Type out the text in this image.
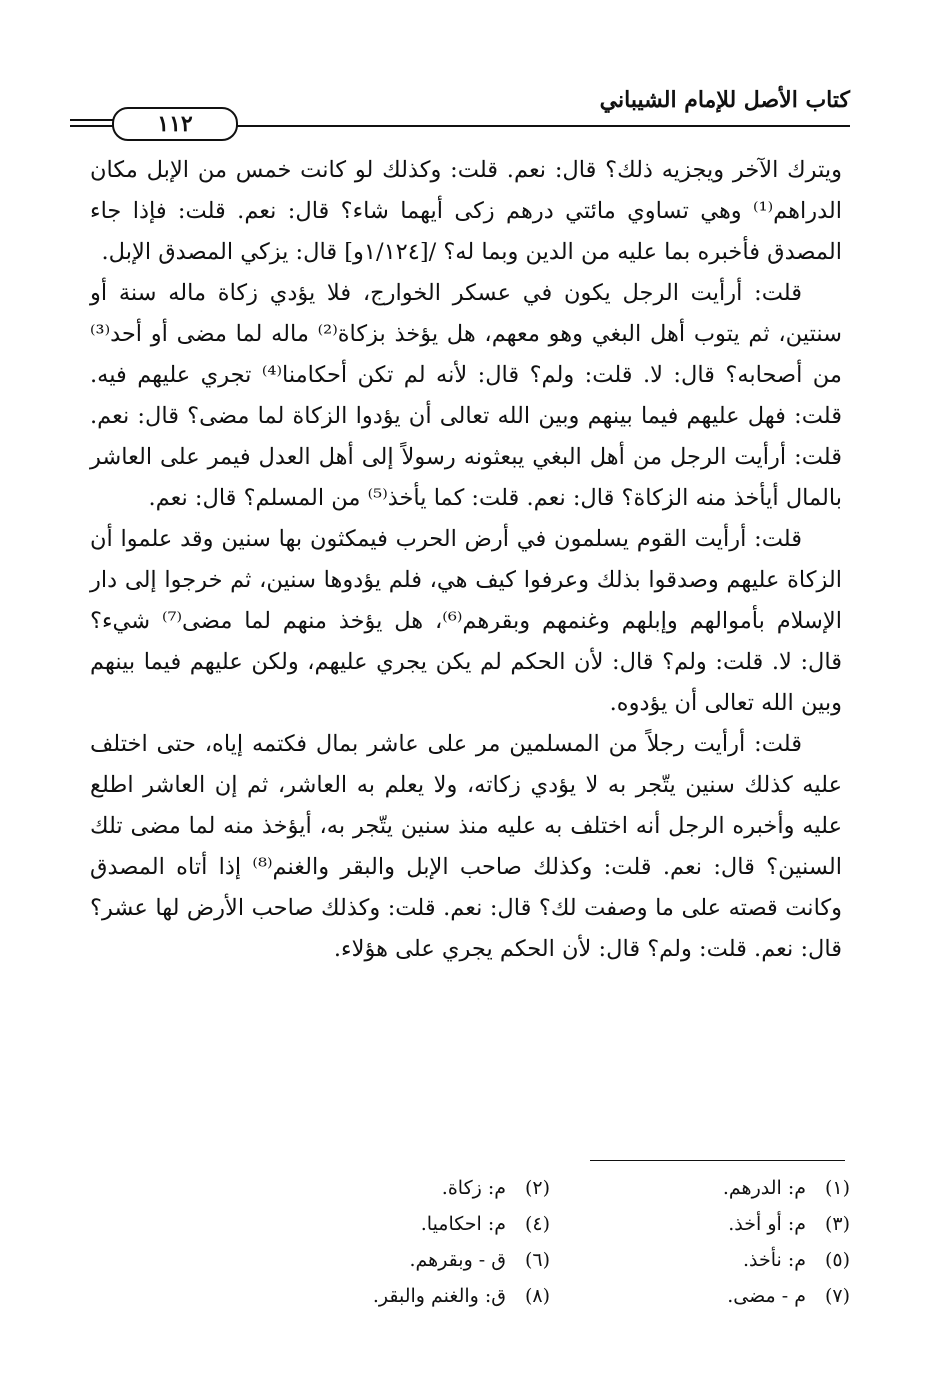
١١٢
كتاب الأصل للإمام الشيباني

ويترك الآخر ويجزيه ذلك؟ قال: نعم. قلت: وكذلك لو كانت خمس من الإبل مكان الدراهم⁽¹⁾ وهي تساوي مائتي درهم زكى أيهما شاء؟ قال: نعم. قلت: فإذا جاء المصدق فأخبره بما عليه من الدين وبما له؟ /[١/١٢٤و] قال: يزكي المصدق الإبل.

قلت: أرأيت الرجل يكون في عسكر الخوارج، فلا يؤدي زكاة ماله سنة أو سنتين، ثم يتوب أهل البغي وهو معهم، هل يؤخذ بزكاة⁽²⁾ ماله لما مضى أو أحد⁽³⁾ من أصحابه؟ قال: لا. قلت: ولم؟ قال: لأنه لم تكن أحكامنا⁽⁴⁾ تجري عليهم فيه. قلت: فهل عليهم فيما بينهم وبين الله تعالى أن يؤدوا الزكاة لما مضى؟ قال: نعم. قلت: أرأيت الرجل من أهل البغي يبعثونه رسولاً إلى أهل العدل فيمر على العاشر بالمال أيأخذ منه الزكاة؟ قال: نعم. قلت: كما يأخذ⁽⁵⁾ من المسلم؟ قال: نعم.

قلت: أرأيت القوم يسلمون في أرض الحرب فيمكثون بها سنين وقد علموا أن الزكاة عليهم وصدقوا بذلك وعرفوا كيف هي، فلم يؤدوها سنين، ثم خرجوا إلى دار الإسلام بأموالهم وإبلهم وغنمهم وبقرهم⁽⁶⁾، هل يؤخذ منهم لما مضى⁽⁷⁾ شيء؟ قال: لا. قلت: ولم؟ قال: لأن الحكم لم يكن يجري عليهم، ولكن عليهم فيما بينهم وبين الله تعالى أن يؤدوه.

قلت: أرأيت رجلاً من المسلمين مر على عاشر بمال فكتمه إياه، حتى اختلف عليه كذلك سنين يتّجر به لا يؤدي زكاته، ولا يعلم به العاشر، ثم إن العاشر اطلع عليه وأخبره الرجل أنه اختلف به عليه منذ سنين يتّجر به، أيؤخذ منه لما مضى تلك السنين؟ قال: نعم. قلت: وكذلك صاحب الإبل والبقر والغنم⁽⁸⁾ إذا أتاه المصدق وكانت قصته على ما وصفت لك؟ قال: نعم. قلت: وكذلك صاحب الأرض لها عشر؟ قال: نعم. قلت: ولم؟ قال: لأن الحكم يجري على هؤلاء.

(١)م: الدرهم.
(٢)م: زكاة.
(٣)م: أو أخذ.
(٤)م: احكاميا.
(٥)م: نأخذ.
(٦)ق - وبقرهم.
(٧)م - مضى.
(٨)ق: والغنم والبقر.
